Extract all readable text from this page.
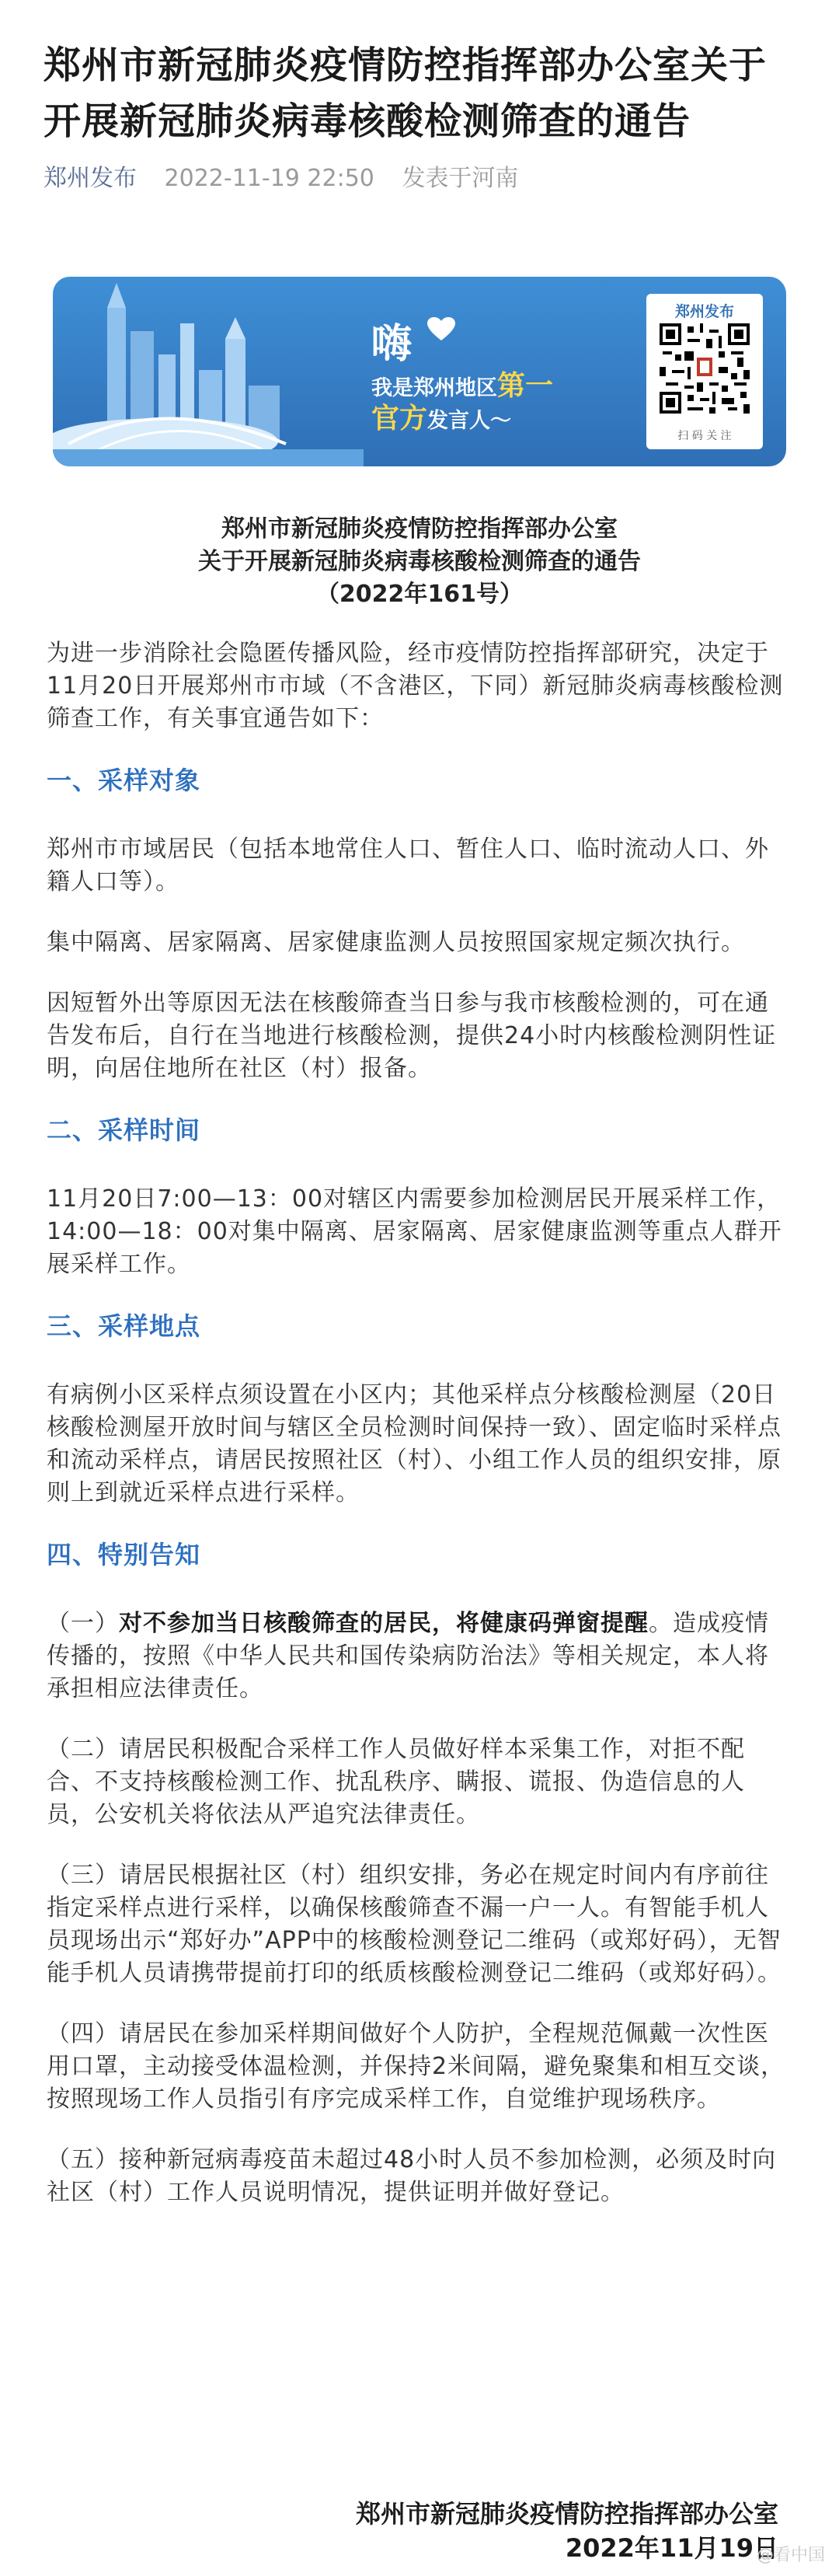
郑州市新冠肺炎疫情防控指挥部办公室关于开展新冠肺炎病毒核酸检测筛查的通告
郑州发布 2022-11-19 22:50 发表于河南
嗨
我是郑州地区第一
官方发言人～
郑州发布
扫 码 关 注
郑州市新冠肺炎疫情防控指挥部办公室
关于开展新冠肺炎病毒核酸检测筛查的通告
（2022年161号）

为进一步消除社会隐匿传播风险，经市疫情防控指挥部研究，决定于11月20日开展郑州市市域（不含港区，下同）新冠肺炎病毒核酸检测筛查工作，有关事宜通告如下：

一、采样对象

郑州市市域居民（包括本地常住人口、暂住人口、临时流动人口、外籍人口等）。

集中隔离、居家隔离、居家健康监测人员按照国家规定频次执行。

因短暂外出等原因无法在核酸筛查当日参与我市核酸检测的，可在通告发布后，自行在当地进行核酸检测，提供24小时内核酸检测阴性证明，向居住地所在社区（村）报备。

二、采样时间

11月20日7:00—13：00对辖区内需要参加检测居民开展采样工作，14:00—18：00对集中隔离、居家隔离、居家健康监测等重点人群开展采样工作。

三、采样地点

有病例小区采样点须设置在小区内；其他采样点分核酸检测屋（20日核酸检测屋开放时间与辖区全员检测时间保持一致）、固定临时采样点和流动采样点，请居民按照社区（村）、小组工作人员的组织安排，原则上到就近采样点进行采样。

四、特别告知

（一）对不参加当日核酸筛查的居民，将健康码弹窗提醒。造成疫情传播的，按照《中华人民共和国传染病防治法》等相关规定，本人将承担相应法律责任。

（二）请居民积极配合采样工作人员做好样本采集工作，对拒不配合、不支持核酸检测工作、扰乱秩序、瞒报、谎报、伪造信息的人员，公安机关将依法从严追究法律责任。

（三）请居民根据社区（村）组织安排，务必在规定时间内有序前往指定采样点进行采样，以确保核酸筛查不漏一户一人。有智能手机人员现场出示“郑好办”APP中的核酸检测登记二维码（或郑好码），无智能手机人员请携带提前打印的纸质核酸检测登记二维码（或郑好码）。

（四）请居民在参加采样期间做好个人防护，全程规范佩戴一次性医用口罩，主动接受体温检测，并保持2米间隔，避免聚集和相互交谈，按照现场工作人员指引有序完成采样工作，自觉维护现场秩序。

（五）接种新冠病毒疫苗未超过48小时人员不参加检测，必须及时向社区（村）工作人员说明情况，提供证明并做好登记。

郑州市新冠肺炎疫情防控指挥部办公室
2022年11月19日
@看中国
